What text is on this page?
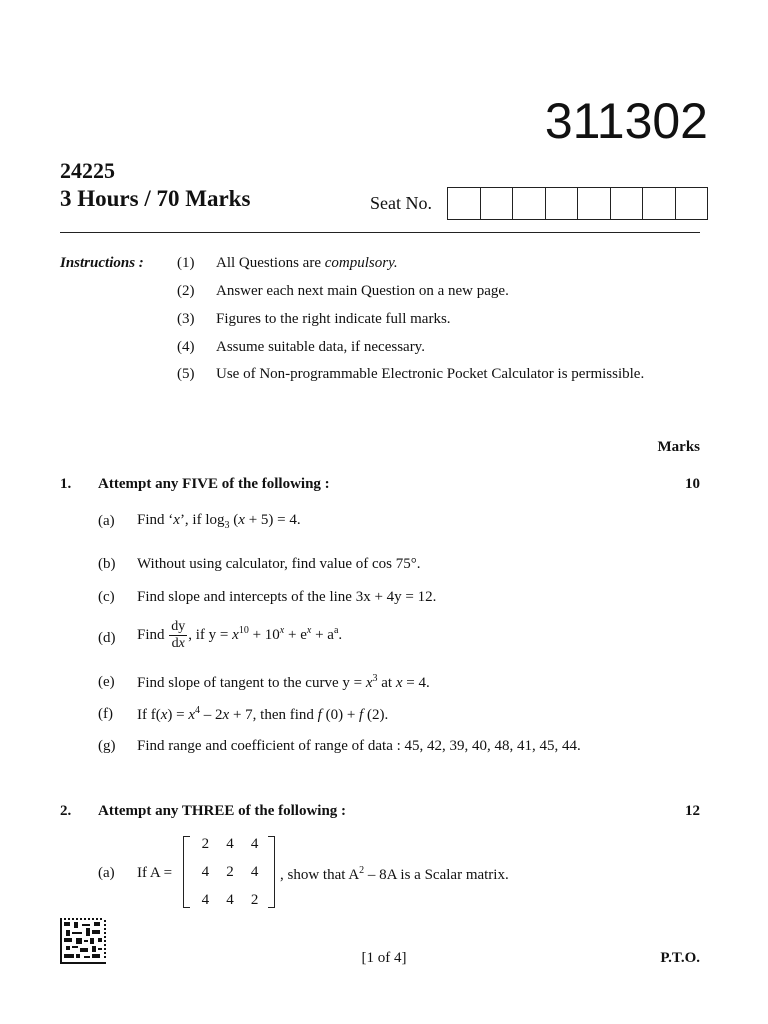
311302
24225
3 Hours / 70 Marks	Seat No.
Instructions : (1) All Questions are compulsory.
(2) Answer each next main Question on a new page.
(3) Figures to the right indicate full marks.
(4) Assume suitable data, if necessary.
(5) Use of Non-programmable Electronic Pocket Calculator is permissible.
Marks
1. Attempt any FIVE of the following :	10
(a) Find ‘x’, if $\log_3 (x + 5) = 4$.
(b) Without using calculator, find value of cos 75°.
(c) Find slope and intercepts of the line 3x + 4y = 12.
(d) Find $\frac{dy}{dx}$ , if $y = x^{10} + 10^x + e^x + a^a$.
(e) Find slope of tangent to the curve $y = x^3$ at x = 4.
(f) If $f(x) = x^4 - 2x + 7$, then find f (0) + f (2).
(g) Find range and coefficient of range of data : 45, 42, 39, 40, 48, 41, 45, 44.
2. Attempt any THREE of the following :	12
(a) If A =
2	4	4
4	2	4
4	4	2
, show that $A^2 - 8A$ is a Scalar matrix.
[1 of 4]	P.T.O.
